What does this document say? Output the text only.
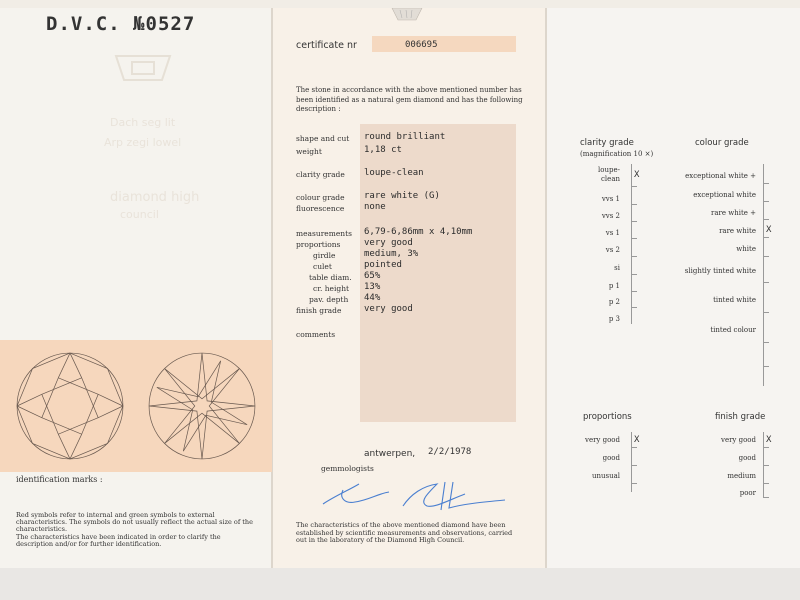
D.V.C. №0527
Dach seg lit
Arp zegi lowel
diamond high
council
identification marks :

Red symbols refer to internal and green symbols to external characteristics. The symbols do not usually reflect the actual size of the characteristics.

The characteristics have been indicated in order to clarify the description and/or for further identification.

certificate nr	006695
The stone in accordance with the above mentioned number has been identified as a natural gem diamond and has the following description :
shape and cut round brilliant
weight	1,18 ct
clarity grade loupe-clean
colour grade rare white (G)
fluorescence none
measurements 6,79-6,86mm x 4,10mm
proportions	very good
girdle	medium, 3%
culet	pointed
table diam. 65%
cr. height 13%
pav. depth 44%
finish grade	very good
comments
antwerpen, 2/2/1978
gemmologists
The characteristics of the above mentioned diamond have been established by scientific measurements and observations, carried out in the laboratory of the Diamond High Council.
clarity grade
(magnification 10 ×)
loupe-
clean
vvs 1
vvs 2
vs 1
vs 2
si
p 1
p 2
p 3
X
colour grade
exceptional white +
exceptional white
rare white +
rare white
white
slightly tinted white
tinted white
tinted colour
X
proportions
very good
good
unusual
X
finish grade
very good
good
medium
poor
X
